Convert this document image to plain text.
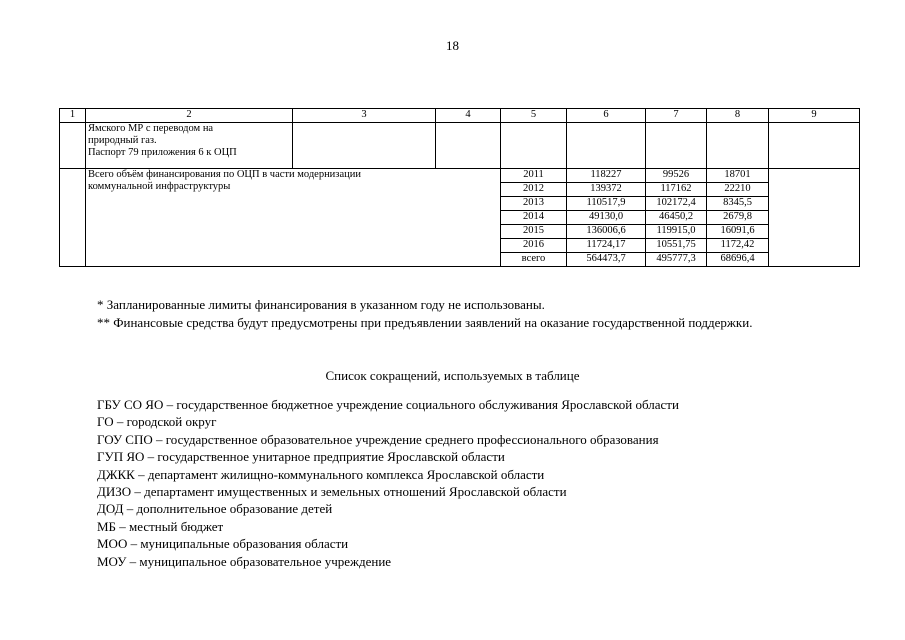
18
1	2	3	4	5	6	7	8	9

	Ямского МР с переводом на
природный газ.
Паспорт 79 приложения 6 к ОЦП							

	Всего объём финансирования по ОЦП в части модернизации
коммунальной инфраструктуры			2011	118227	99526	18701	
				2012	139372	117162	22210	
				2013	110517,9	102172,4	8345,5	
				2014	49130,0	46450,2	2679,8	
				2015	136006,6	119915,0	16091,6	
				2016	11724,17	10551,75	1172,42	
				всего	564473,7	495777,3	68696,4	

* Запланированные лимиты финансирования в указанном году не использованы.

** Финансовые средства будут предусмотрены при предъявлении заявлений на оказание государственной поддержки.

Список сокращений, используемых в таблице
ГБУ СО ЯО – государственное бюджетное учреждение социального обслуживания Ярославской области
ГО – городской округ
ГОУ СПО – государственное образовательное учреждение среднего профессионального образования
ГУП ЯО – государственное унитарное предприятие Ярославской области
ДЖКК – департамент жилищно-коммунального комплекса Ярославской области
ДИЗО – департамент имущественных и земельных отношений Ярославской области
ДОД – дополнительное образование детей
МБ – местный бюджет
МОО – муниципальные образования области
МОУ – муниципальное образовательное учреждение
